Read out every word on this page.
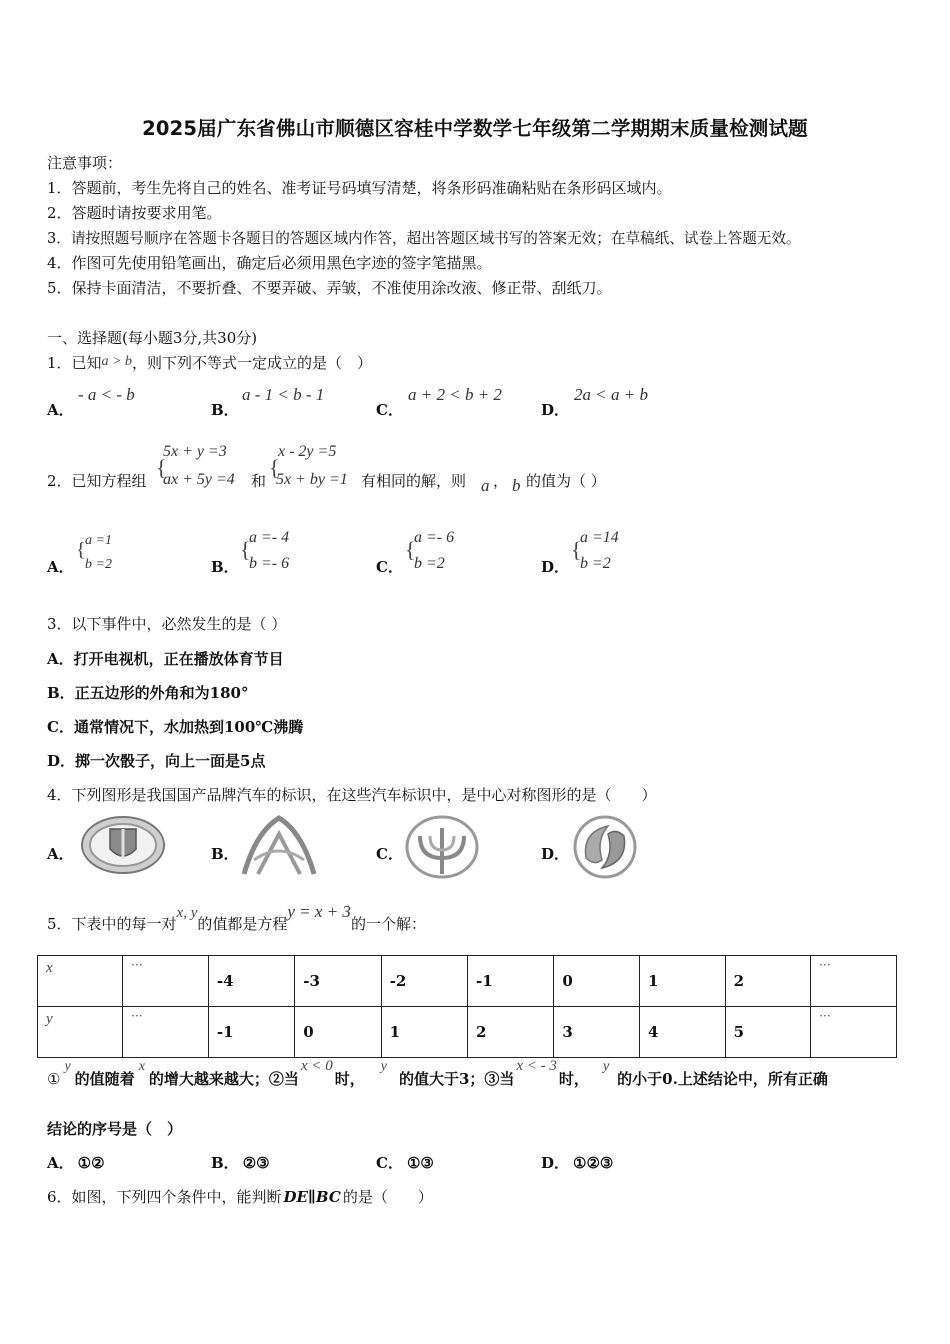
2025届广东省佛山市顺德区容桂中学数学七年级第二学期期末质量检测试题
注意事项：
1．答题前，考生先将自己的姓名、准考证号码填写清楚，将条形码准确粘贴在条形码区域内。
2．答题时请按要求用笔。
3．请按照题号顺序在答题卡各题目的答题区域内作答，超出答题区域书写的答案无效；在草稿纸、试卷上答题无效。
4．作图可先使用铅笔画出，确定后必须用黑色字迹的签字笔描黑。
5．保持卡面清洁，不要折叠、不要弄破、弄皱，不准使用涂改液、修正带、刮纸刀。
一、选择题(每小题3分,共30分)
1．已知a > b，则下列不等式一定成立的是（　）
A．
- a < - b
B．
a - 1 < b - 1
C．
a + 2 < b + 2
D．
2a < a + b
2．已知方程组
{
5x + y =3
ax + 5y =4 和
{
x - 2y =5
5x + by =1 有相同的解，则 a ， b 的值为（ ）
A．
{ a =1
b =2	B．
{
a =- 4
b =- 6	C．
{
a =- 6
b =2	D．
{
a =14
b =2
3．以下事件中，必然发生的是（ ）
A．打开电视机，正在播放体育节目
B．正五边形的外角和为180°
C．通常情况下，水加热到100℃沸腾
D．掷一次骰子，向上一面是5点
4．下列图形是我国国产品牌汽车的标识，在这些汽车标识中，是中心对称图形的是（　　）
A．	B．	C．	D．
5．下表中的每一对x, y的值都是方程y = x + 3的一个解：
x	···	-4	-3	-2	-1	0	1	2	···
y	···	-1	0	1	2	3	4	5	···
①y的值随着x的增大越来越大；②当x < 0时，y的值大于3；③当x < - 3时，y的小于0.上述结论中，所有正确
结论的序号是（　）
A． ①②	B． ②③	C． ①③	D． ①②③
6．如图，下列四个条件中，能判断 DE∥BC 的是（　　）
